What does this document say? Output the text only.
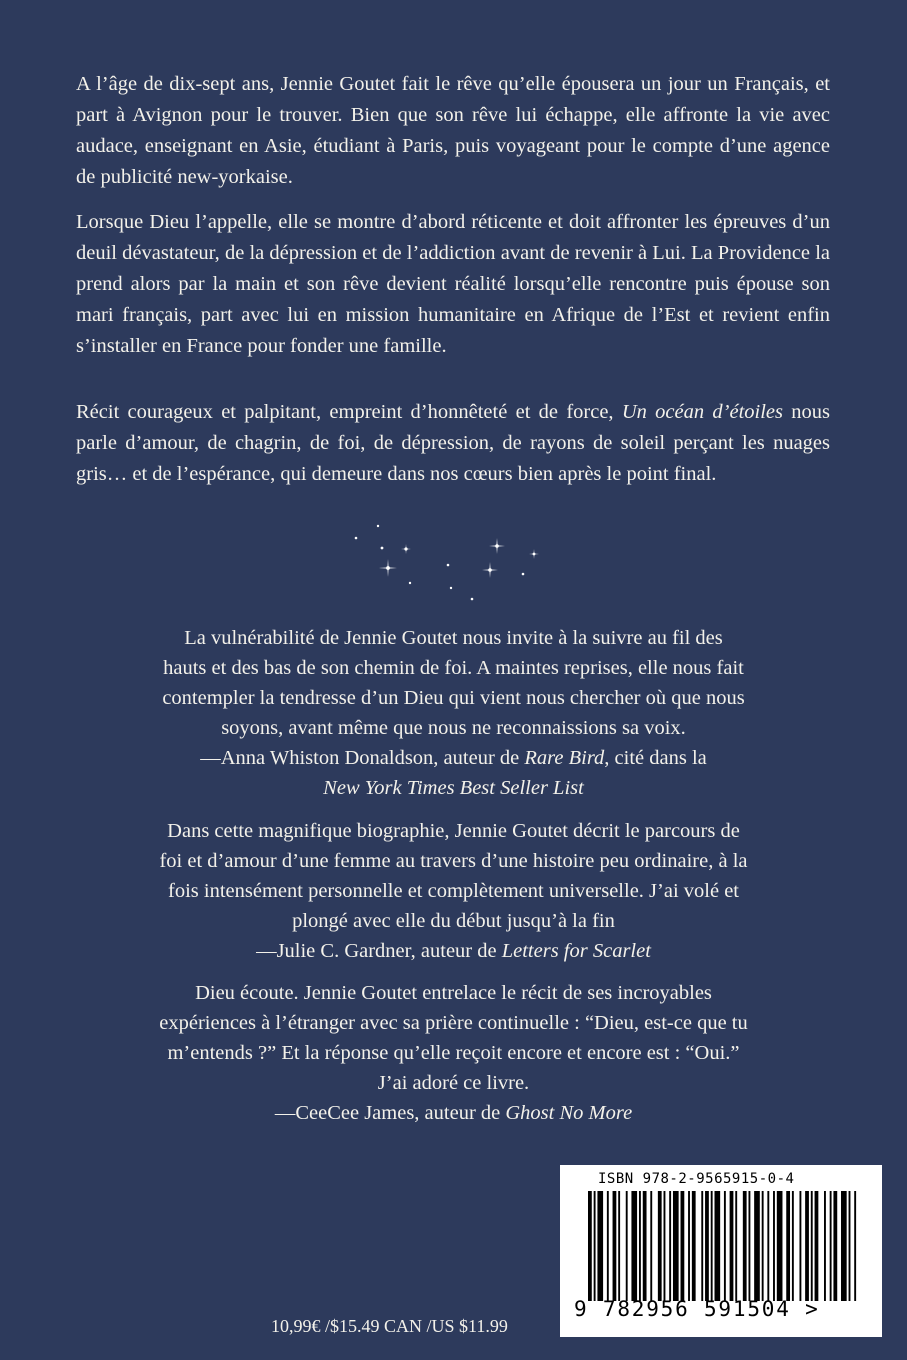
A l’âge de dix-sept ans, Jennie Goutet fait le rêve qu’elle épousera un jour un Français, et part à Avignon pour le trouver. Bien que son rêve lui échappe, elle affronte la vie avec audace, enseignant en Asie, étudiant à Paris, puis voyageant pour le compte d’une agence de publicité new-yorkaise.

Lorsque Dieu l’appelle, elle se montre d’abord réticente et doit affronter les épreuves d’un deuil dévastateur, de la dépression et de l’addiction avant de revenir à Lui. La Providence la prend alors par la main et son rêve devient réalité lorsqu’elle rencontre puis épouse son mari français, part avec lui en mission humanitaire en Afrique de l’Est et revient enfin s’installer en France pour fonder une famille.

Récit courageux et palpitant, empreint d’honnêteté et de force, Un océan d’étoiles nous parle d’amour, de chagrin, de foi, de dépression, de rayons de soleil perçant les nuages gris… et de l’espérance, qui demeure dans nos cœurs bien après le point final.

La vulnérabilité de Jennie Goutet nous invite à la suivre au fil des
hauts et des bas de son chemin de foi. A maintes reprises, elle nous fait
contempler la tendresse d’un Dieu qui vient nous chercher où que nous
soyons, avant même que nous ne reconnaissions sa voix.
—Anna Whiston Donaldson, auteur de Rare Bird, cité dans la
New York Times Best Seller List

Dans cette magnifique biographie, Jennie Goutet décrit le parcours de
foi et d’amour d’une femme au travers d’une histoire peu ordinaire, à la
fois intensément personnelle et complètement universelle. J’ai volé et
plongé avec elle du début jusqu’à la fin
—Julie C. Gardner, auteur de Letters for Scarlet

Dieu écoute. Jennie Goutet entrelace le récit de ses incroyables
expériences à l’étranger avec sa prière continuelle : “Dieu, est-ce que tu
m’entends ?” Et la réponse qu’elle reçoit encore et encore est : “Oui.”
J’ai adoré ce livre.
—CeeCee James, auteur de Ghost No More

10,99€ /$15.49 CAN /US $11.99
ISBN 978-2-9565915-0-4
9 782956 591504 >
